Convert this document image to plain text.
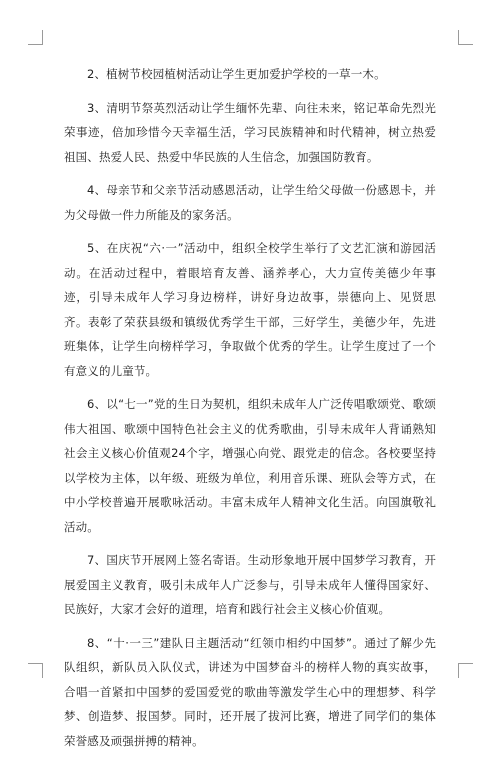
2、植树节校园植树活动让学生更加爱护学校的一草一木。

3、清明节祭英烈活动让学生缅怀先辈、向往未来，铭记革命先烈光荣事迹，倍加珍惜今天幸福生活，学习民族精神和时代精神，树立热爱祖国、热爱人民、热爱中华民族的人生信念，加强国防教育。

4、母亲节和父亲节活动感恩活动，让学生给父母做一份感恩卡，并为父母做一件力所能及的家务活。

5、在庆祝“六·一”活动中，组织全校学生举行了文艺汇演和游园活动。在活动过程中，着眼培育友善、涵养孝心，大力宣传美德少年事迹，引导未成年人学习身边榜样，讲好身边故事，崇德向上、见贤思齐。表彰了荣获县级和镇级优秀学生干部，三好学生，美德少年，先进班集体，让学生向榜样学习，争取做个优秀的学生。让学生度过了一个有意义的儿童节。

6、以“七一”党的生日为契机，组织未成年人广泛传唱歌颂党、歌颂伟大祖国、歌颂中国特色社会主义的优秀歌曲，引导未成年人背诵熟知社会主义核心价值观24个字，增强心向党、跟党走的信念。各校要坚持以学校为主体，以年级、班级为单位，利用音乐课、班队会等方式，在中小学校普遍开展歌咏活动。丰富未成年人精神文化生活。向国旗敬礼活动。

7、国庆节开展网上签名寄语。生动形象地开展中国梦学习教育，开展爱国主义教育，吸引未成年人广泛参与，引导未成年人懂得国家好、民族好，大家才会好的道理，培育和践行社会主义核心价值观。

8、“十·一三”建队日主题活动“红领巾相约中国梦”。通过了解少先队组织，新队员入队仪式，讲述为中国梦奋斗的榜样人物的真实故事，合唱一首紧扣中国梦的爱国爱党的歌曲等激发学生心中的理想梦、科学梦、创造梦、报国梦。同时，还开展了拔河比赛，增进了同学们的集体荣誉感及顽强拼搏的精神。
